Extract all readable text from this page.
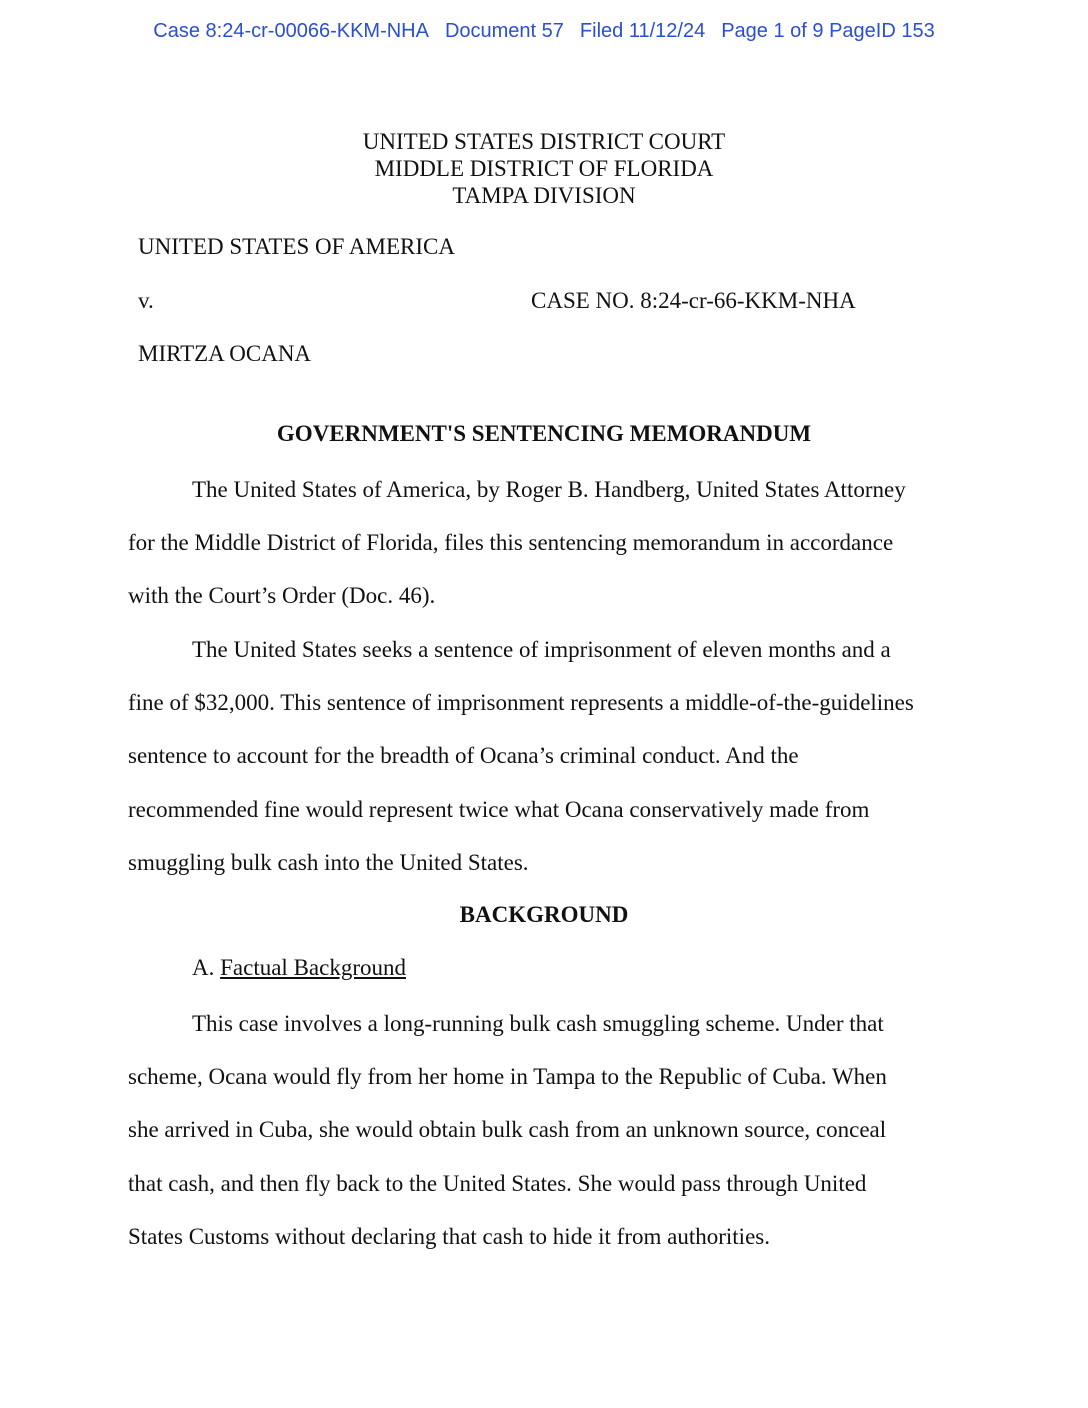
Case 8:24-cr-00066-KKM-NHA Document 57 Filed 11/12/24 Page 1 of 9 PageID 153
UNITED STATES DISTRICT COURT
MIDDLE DISTRICT OF FLORIDA
TAMPA DIVISION
UNITED STATES OF AMERICA
v.	CASE NO. 8:24-cr-66-KKM-NHA
MIRTZA OCANA
GOVERNMENT'S SENTENCING MEMORANDUM
The United States of America, by Roger B. Handberg, United States Attorney
for the Middle District of Florida, files this sentencing memorandum in accordance
with the Court’s Order (Doc. 46).
The United States seeks a sentence of imprisonment of eleven months and a
fine of $32,000. This sentence of imprisonment represents a middle-of-the-guidelines
sentence to account for the breadth of Ocana’s criminal conduct. And the
recommended fine would represent twice what Ocana conservatively made from
smuggling bulk cash into the United States.
BACKGROUND
A. Factual Background
This case involves a long-running bulk cash smuggling scheme. Under that
scheme, Ocana would fly from her home in Tampa to the Republic of Cuba. When
she arrived in Cuba, she would obtain bulk cash from an unknown source, conceal
that cash, and then fly back to the United States. She would pass through United
States Customs without declaring that cash to hide it from authorities.
